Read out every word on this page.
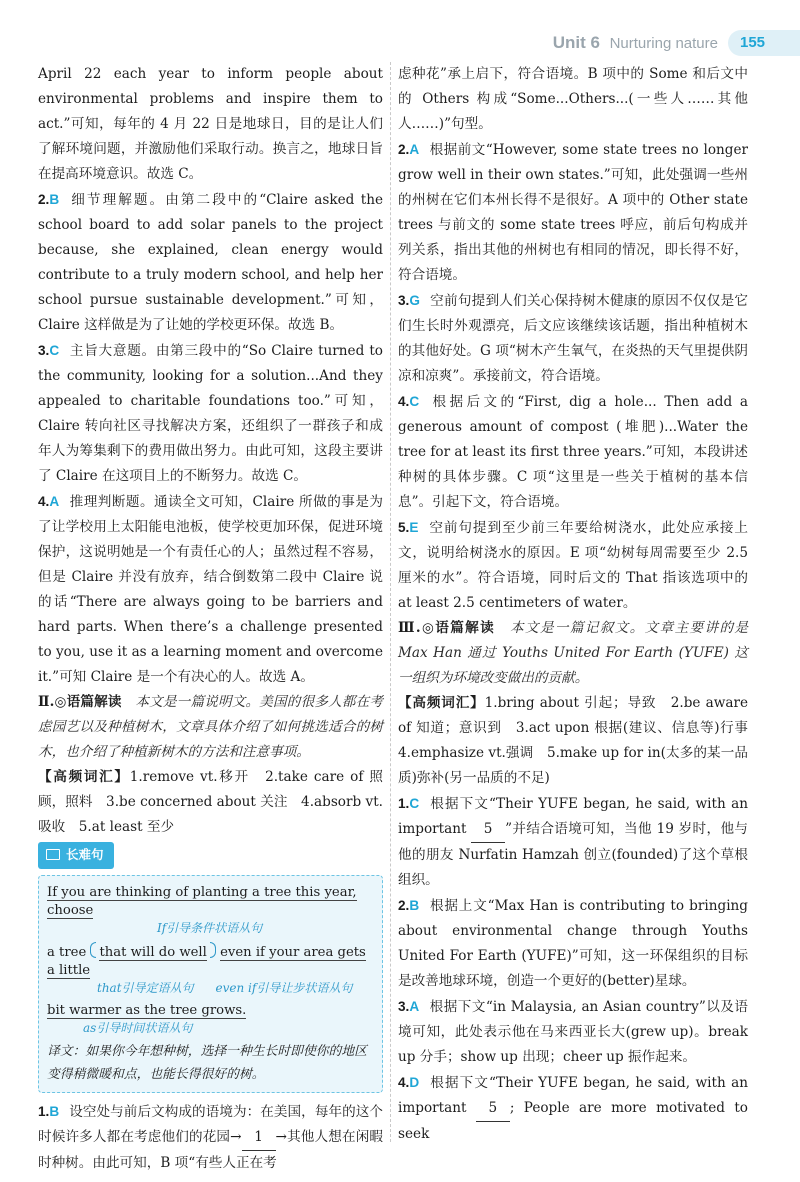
Unit 6 Nurturing nature	155

April 22 each year to inform people about environmental problems and inspire them to act.”可知，每年的 4 月 22 日是地球日，目的是让人们了解环境问题，并激励他们采取行动。换言之，地球日旨在提高环境意识。故选 C。

2.B 细节理解题。由第二段中的“Claire asked the school board to add solar panels to the project because, she explained, clean energy would contribute to a truly modern school, and help her school pursue sustainable development.”可知，Claire 这样做是为了让她的学校更环保。故选 B。

3.C 主旨大意题。由第三段中的“So Claire turned to the community, looking for a solution...And they appealed to charitable foundations too.”可知，Claire 转向社区寻找解决方案，还组织了一群孩子和成年人为筹集剩下的费用做出努力。由此可知，这段主要讲了 Claire 在这项目上的不断努力。故选 C。

4.A 推理判断题。通读全文可知，Claire 所做的事是为了让学校用上太阳能电池板，使学校更加环保，促进环境保护，这说明她是一个有责任心的人；虽然过程不容易，但是 Claire 并没有放弃，结合倒数第二段中 Claire 说的话“There are always going to be barriers and hard parts. When there’s a challenge presented to you, use it as a learning moment and overcome it.”可知 Claire 是一个有决心的人。故选 A。

Ⅱ.◎语篇解读　 本文是一篇说明文。美国的很多人都在考虑园艺以及种植树木，文章具体介绍了如何挑选适合的树木，也介绍了种植新树木的方法和注意事项。

【高频词汇】1.remove vt.移开　2.take care of 照顾，照料　3.be concerned about 关注　4.absorb vt.吸收　5.at least 至少

长难句
If you are thinking of planting a tree this year, choose
If引导条件状语从句
a tree that will do well even if your area gets a little
that引导定语从句 even if引导让步状语从句
bit warmer as the tree grows.
as引导时间状语从句
译文：如果你今年想种树，选择一种生长时即使你的地区变得稍微暖和点，也能长得很好的树。

1.B 设空处与前后文构成的语境为：在美国，每年的这个时候许多人都在考虑他们的花园→ 1 →其他人想在闲暇时种树。由此可知，B 项“有些人正在考

虑种花”承上启下，符合语境。B 项中的 Some 和后文中的 Others 构成“Some...Others...(一些人……其他人……)”句型。

2.A 根据前文“However, some state trees no longer grow well in their own states.”可知，此处强调一些州的州树在它们本州长得不是很好。A 项中的 Other state trees 与前文的 some state trees 呼应，前后句构成并列关系，指出其他的州树也有相同的情况，即长得不好，符合语境。

3.G 空前句提到人们关心保持树木健康的原因不仅仅是它们生长时外观漂亮，后文应该继续该话题，指出种植树木的其他好处。G 项“树木产生氧气，在炎热的天气里提供阴凉和凉爽”。承接前文，符合语境。

4.C 根据后文的“First, dig a hole... Then add a generous amount of compost (堆肥)...Water the tree for at least its first three years.”可知，本段讲述种树的具体步骤。C 项“这里是一些关于植树的基本信息”。引起下文，符合语境。

5.E 空前句提到至少前三年要给树浇水，此处应承接上文，说明给树浇水的原因。E 项“幼树每周需要至少 2.5 厘米的水”。符合语境，同时后文的 That 指该选项中的 at least 2.5 centimeters of water。

Ⅲ.◎语篇解读　 本文是一篇记叙文。文章主要讲的是 Max Han 通过 Youths United For Earth (YUFE) 这一组织为环境改变做出的贡献。

【高频词汇】1.bring about 引起；导致　2.be aware of 知道；意识到　3.act upon 根据(建议、信息等)行事　4.emphasize vt.强调　5.make up for in(太多的某一品质)弥补(另一品质的不足)

1.C 根据下文“Their YUFE began, he said, with an important 5 ”并结合语境可知，当他 19 岁时，他与他的朋友 Nurfatin Hamzah 创立(founded)了这个草根组织。

2.B 根据上文“Max Han is contributing to bringing about environmental change through Youths United For Earth (YUFE)”可知，这一环保组织的目标是改善地球环境，创造一个更好的(better)星球。

3.A 根据下文“in Malaysia, an Asian country”以及语境可知，此处表示他在马来西亚长大(grew up)。break up 分手；show up 出现；cheer up 振作起来。

4.D 根据下文“Their YUFE began, he said, with an important 5 ; People are more motivated to seek
